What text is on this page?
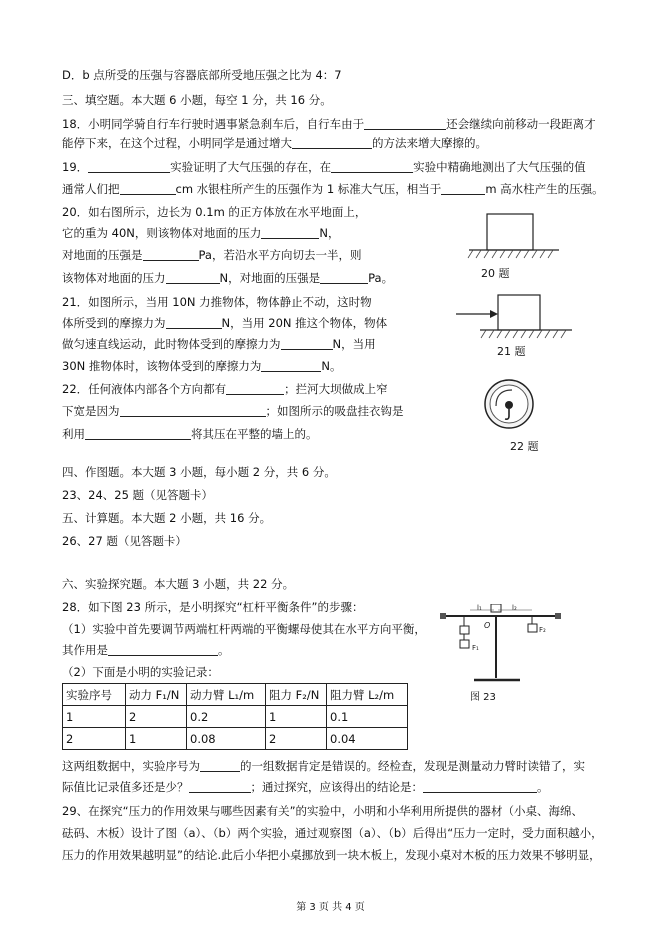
D．b 点所受的压强与容器底部所受地压强之比为 4：7
三、填空题。本大题 6 小题，每空 1 分，共 16 分。
18．小明同学骑自行车行驶时遇事紧急刹车后，自行车由于	还会继续向前移动一段距离才
能停下来，在这个过程，小明同学是通过增大	的方法来增大摩擦的。
19．	实验证明了大气压强的存在，在	实验中精确地测出了大气压强的值
通常人们把	cm 水银柱所产生的压强作为 1 标准大气压，相当于	m 高水柱产生的压强。
20．如右图所示，边长为 0.1m 的正方体放在水平地面上，
它的重为 40N，则该物体对地面的压力	N，
对地面的压强是	Pa，若沿水平方向切去一半，则
该物体对地面的压力	N，对地面的压强是	Pa。
21．如图所示，当用 10N 力推物体，物体静止不动，这时物
体所受到的摩擦力为	N，当用 20N 推这个物体，物体
做匀速直线运动，此时物体受到的摩擦力为	N，当用
30N 推物体时，该物体受到的摩擦力为	N。
22．任何液体内部各个方向都有	；拦河大坝做成上窄
下宽是因为	；如图所示的吸盘挂衣钩是
利用	将其压在平整的墙上的。
四、作图题。本大题 3 小题，每小题 2 分，共 6 分。
23、24、25 题（见答题卡）
五、计算题。本大题 2 小题，共 16 分。
26、27 题（见答题卡）
六、实验探究题。本大题 3 小题，共 22 分。
28．如下图 23 所示，是小明探究“杠杆平衡条件”的步骤：
（1）实验中首先要调节两端杠杆两端的平衡螺母使其在水平方向平衡，
其作用是	。
（2）下面是小明的实验记录：
实验序号	动力 F₁/N	动力臂 L₁/m	阻力 F₂/N	阻力臂 L₂/m
1	2	0.2	1	0.1
2	1	0.08	2	0.04
这两组数据中，实验序号为	的一组数据肯定是错误的。经检查，发现是测量动力臂时读错了，实
际值比记录值多还是少？	；通过探究，应该得出的结论是：	。
29、在探究“压力的作用效果与哪些因素有关”的实验中，小明和小华利用所提供的器材（小桌、海绵、
砝码、木板）设计了图（a）、（b）两个实验，通过观察图（a）、（b）后得出“压力一定时，受力面积越小，
压力的作用效果越明显”的结论.此后小华把小桌挪放到一块木板上，发现小桌对木板的压力效果不够明显，
20 题
21 题
22 题
l₁	l₂
O
F₁
F₂
图 23
第 3 页 共 4 页
